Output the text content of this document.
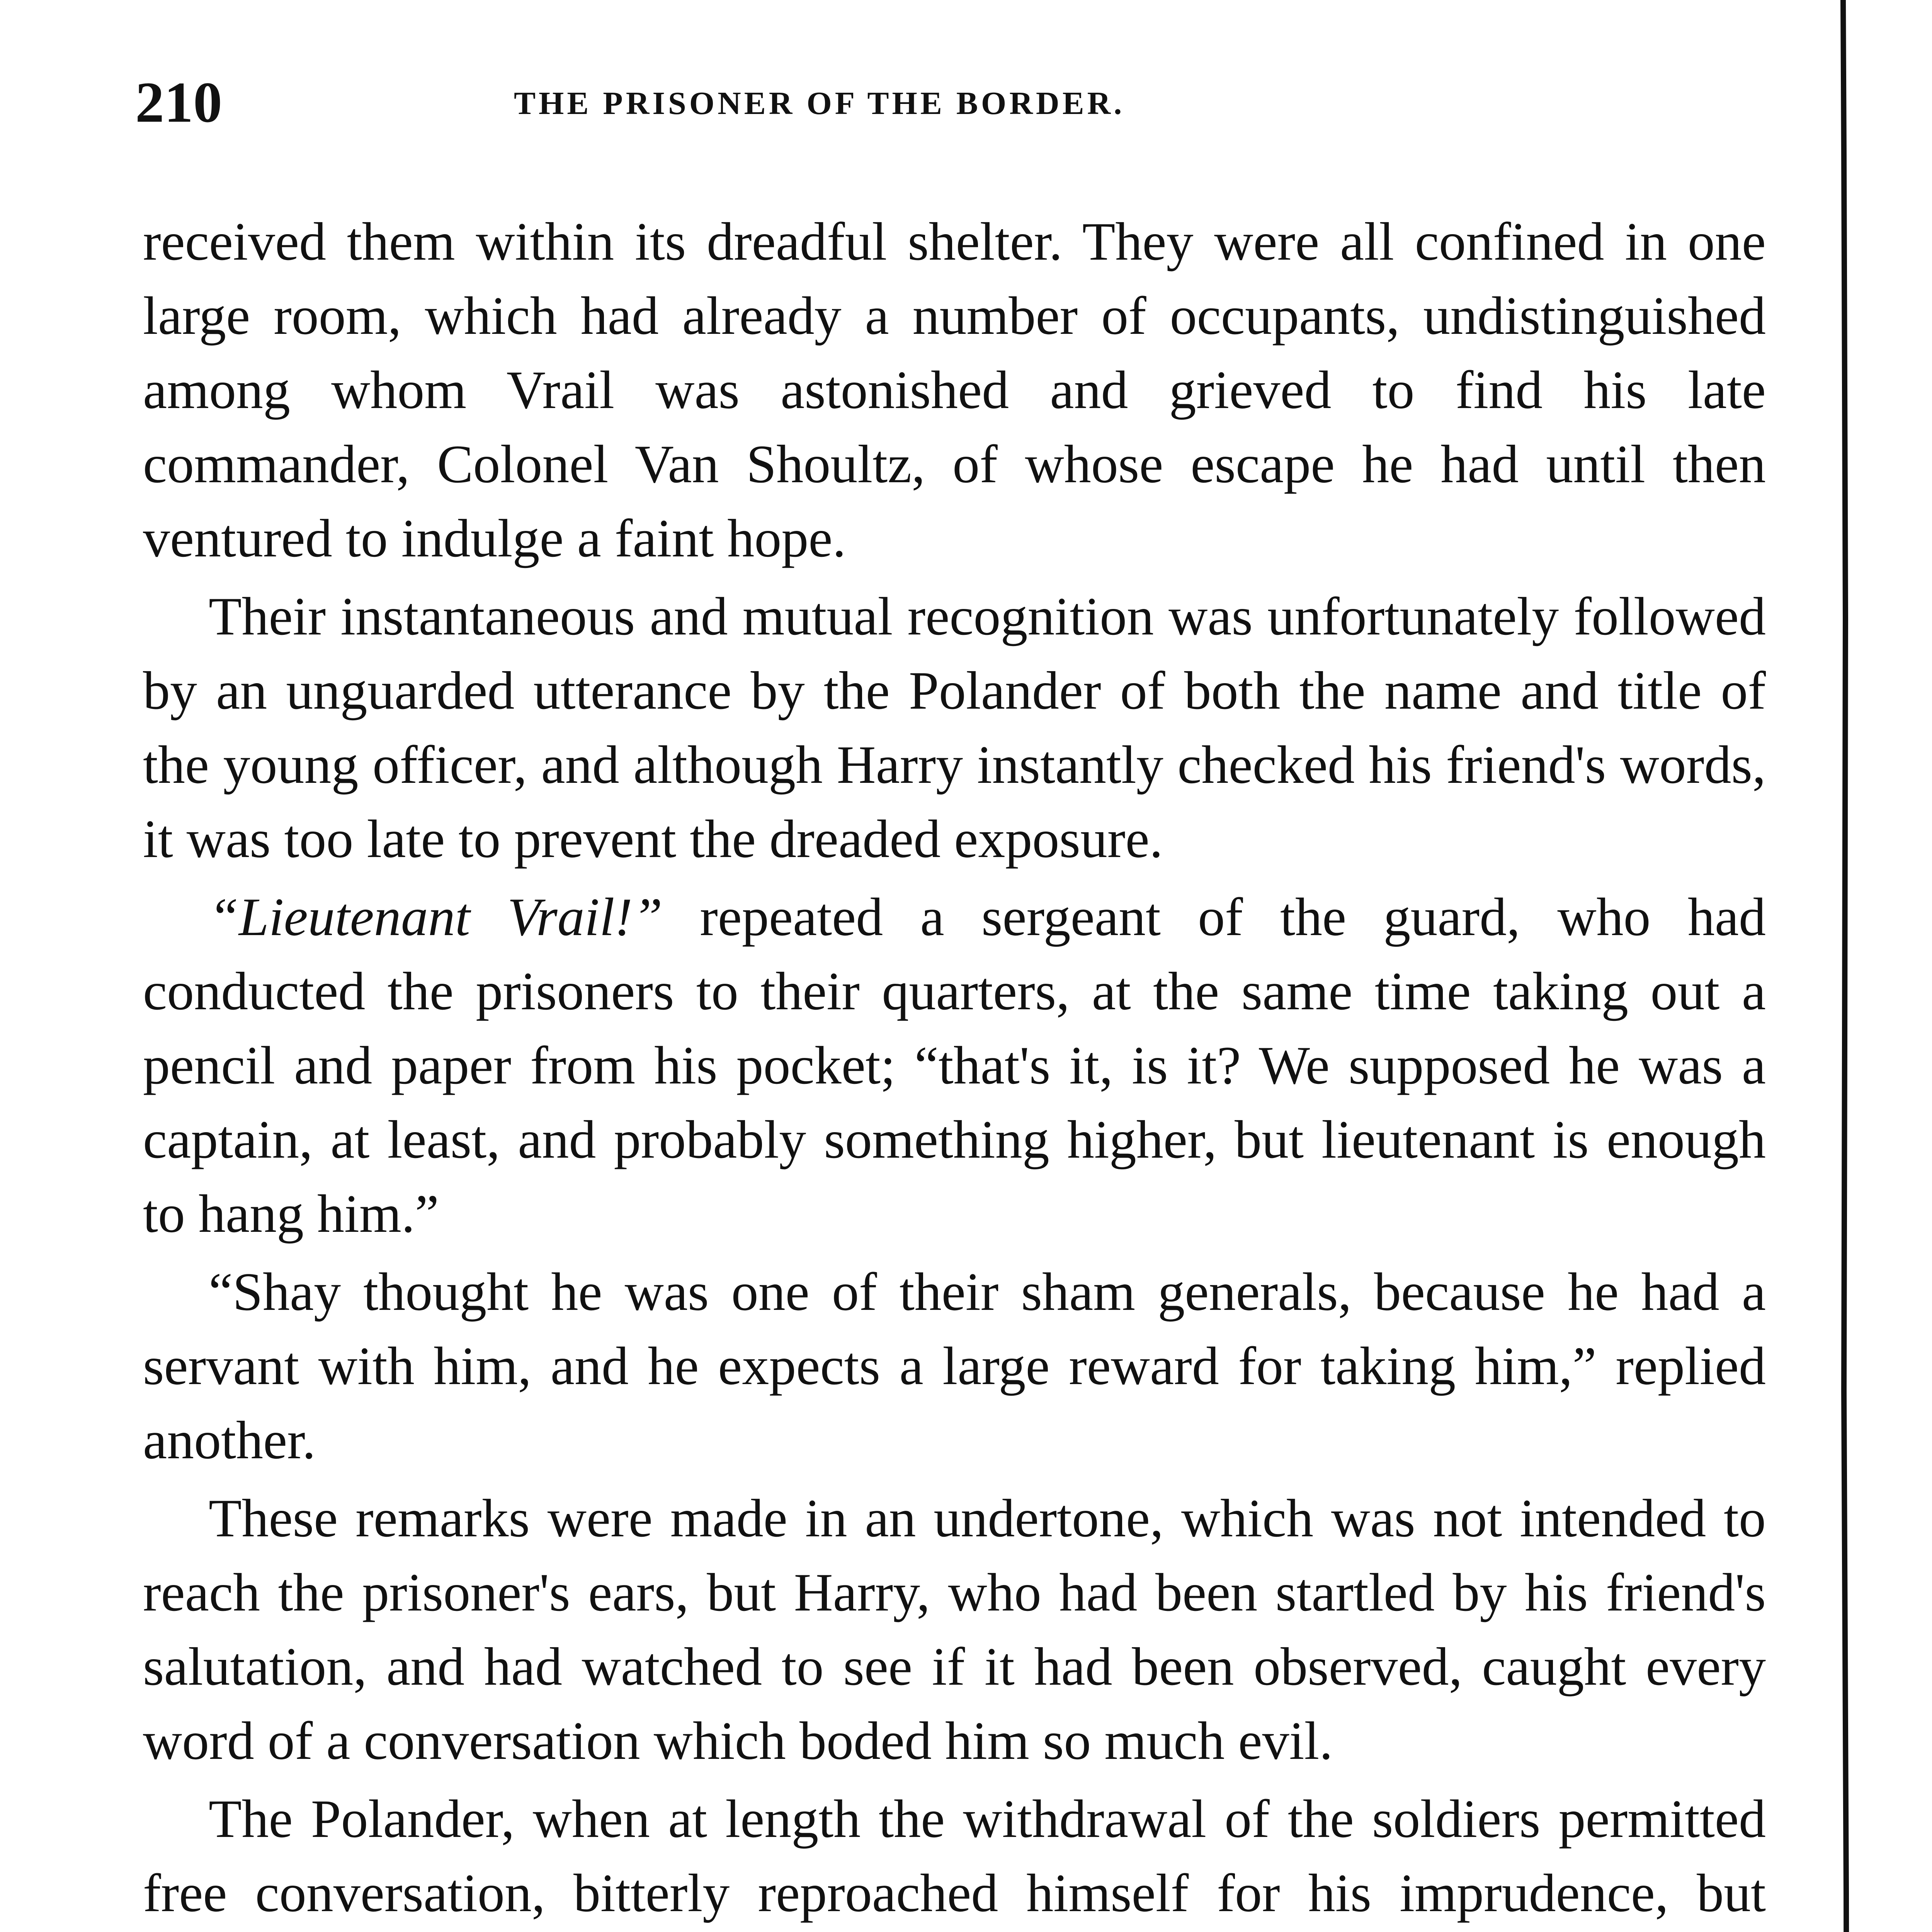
210	THE PRISONER OF THE BORDER.

received them within its dreadful shelter. They were all confined in one large room, which had already a number of occupants, undistinguished among whom Vrail was astonished and grieved to find his late commander, Colonel Van Shoultz, of whose escape he had until then ventured to indulge a faint hope.

Their instantaneous and mutual recognition was unfortunately followed by an unguarded utterance by the Polander of both the name and title of the young officer, and although Harry instantly checked his friend's words, it was too late to prevent the dreaded exposure.

“Lieutenant Vrail!” repeated a sergeant of the guard, who had conducted the prisoners to their quarters, at the same time taking out a pencil and paper from his pocket; “that's it, is it? We supposed he was a captain, at least, and probably something higher, but lieutenant is enough to hang him.”

“Shay thought he was one of their sham generals, because he had a servant with him, and he expects a large reward for taking him,” replied another.

These remarks were made in an undertone, which was not intended to reach the prisoner's ears, but Harry, who had been startled by his friend's salutation, and had watched to see if it had been observed, caught every word of a conversation which boded him so much evil.

The Polander, when at length the withdrawal of the soldiers permitted free conversation, bitterly reproached himself for his imprudence, but
